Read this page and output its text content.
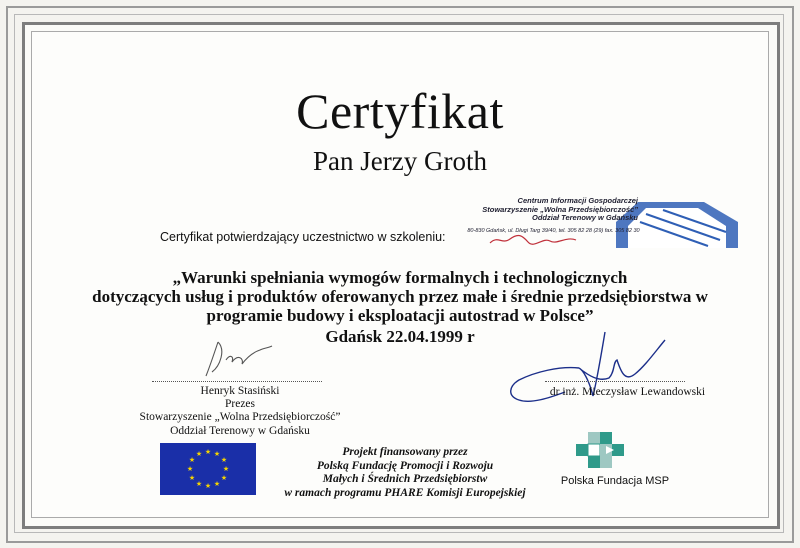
Certyfikat
Pan Jerzy Groth
Centrum Informacji Gospodarczej
Stowarzyszenie „Wolna Przedsiębiorczość”
Oddział Terenowy w Gdańsku
80-830 Gdańsk, ul. Długi Targ 39/40, tel. 305 82 28 (29) fax. 305 82 30
Certyfikat potwierdzający uczestnictwo w szkoleniu:
„Warunki spełniania wymogów formalnych i technologicznych
dotyczących usług i produktów oferowanych przez małe i średnie przedsiębiorstwa w
programie budowy i eksploatacji autostrad w Polsce”
Gdańsk 22.04.1999 r
Henryk Stasiński
Prezes
Stowarzyszenie „Wolna Przedsiębiorczość”
Oddział Terenowy w Gdańsku
dr inż. Mieczysław Lewandowski
★ ★
★
★
★
★
★
★
★
★
★
★	Projekt finansowany przez
Polską Fundację Promocji i Rozwoju
Małych i Średnich Przedsiębiorstw
w ramach programu PHARE Komisji Europejskiej
Polska Fundacja MSP
